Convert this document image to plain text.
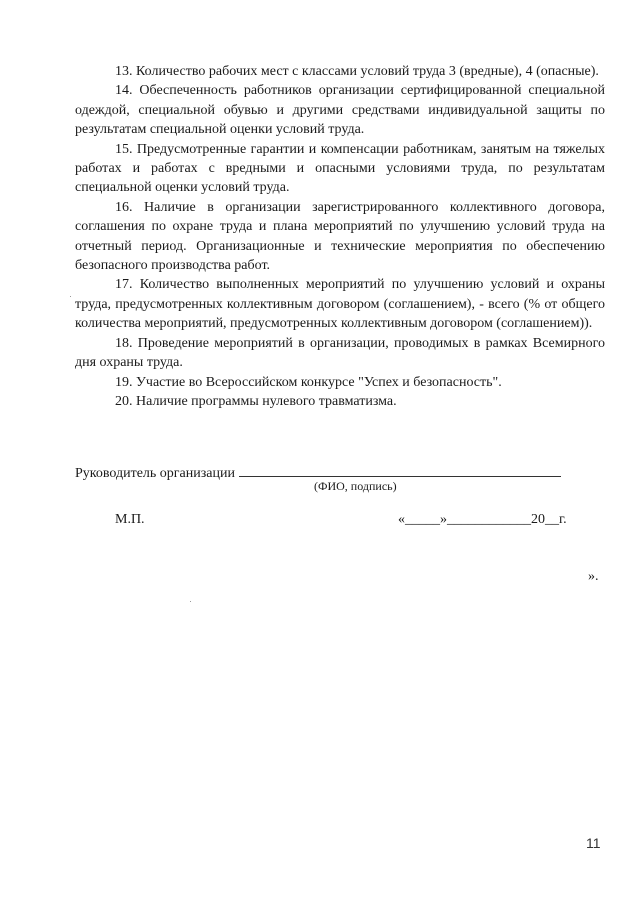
13. Количество рабочих мест с классами условий труда 3 (вредные), 4 (опасные).

14. Обеспеченность работников организации сертифицированной специальной одеждой, специальной обувью и другими средствами индивидуальной защиты по результатам специальной оценки условий труда.

15. Предусмотренные гарантии и компенсации работникам, занятым на тяжелых работах и работах с вредными и опасными условиями труда, по результатам специальной оценки условий труда.

16. Наличие в организации зарегистрированного коллективного договора, соглашения по охране труда и плана мероприятий по улучшению условий труда на отчетный период. Организационные и технические мероприятия по обеспечению безопасного производства работ.

17. Количество выполненных мероприятий по улучшению условий и охраны труда, предусмотренных коллективным договором (соглашением), - всего (% от общего количества мероприятий, предусмотренных коллективным договором (соглашением)).

18. Проведение мероприятий в организации, проводимых в рамках Всемирного дня охраны труда.

19. Участие во Всероссийском конкурсе "Успех и безопасность".

20. Наличие программы нулевого травматизма.

Руководитель организации
(ФИО, подпись)
М.П.	«_____»____________20__г.
».
11
